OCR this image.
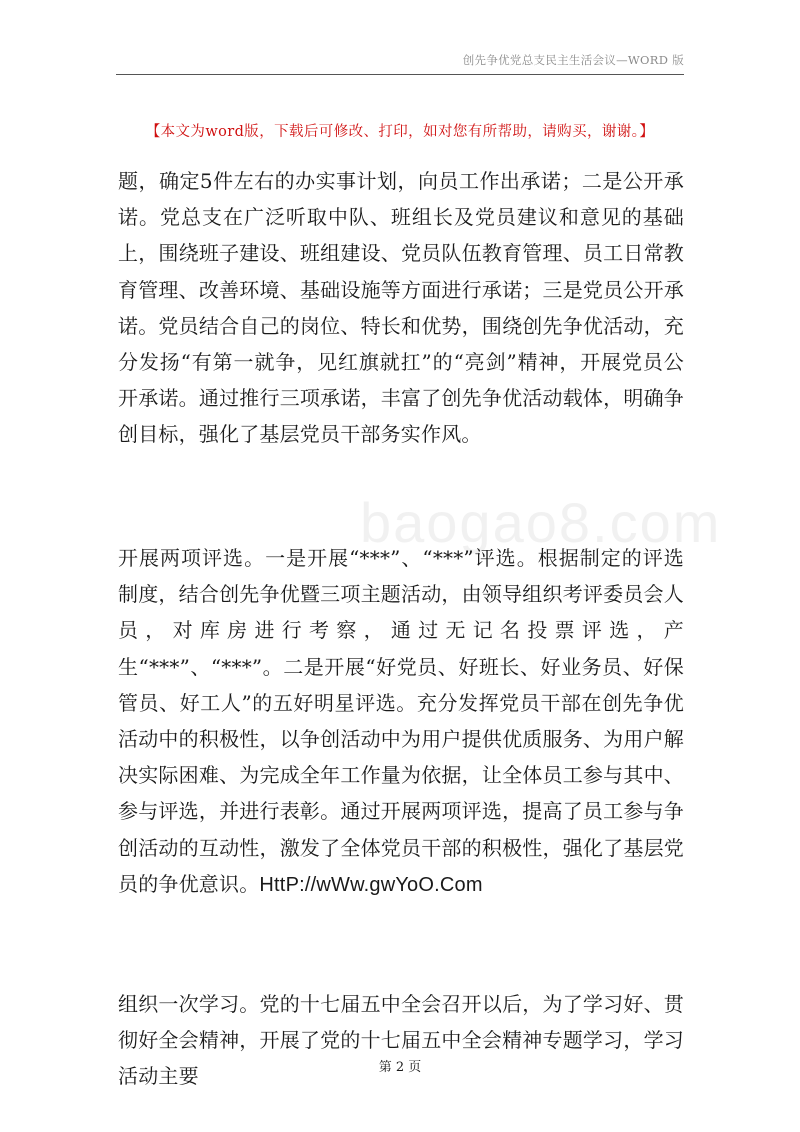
创先争优党总支民主生活会议—WORD 版
【本文为word版，下载后可修改、打印，如对您有所帮助，请购买，谢谢。】
baogao8.com

题，确定5件左右的办实事计划，向员工作出承诺；二是公开承诺。党总支在广泛听取中队、班组长及党员建议和意见的基础上，围绕班子建设、班组建设、党员队伍教育管理、员工日常教育管理、改善环境、基础设施等方面进行承诺；三是党员公开承诺。党员结合自己的岗位、特长和优势，围绕创先争优活动，充分发扬“有第一就争，见红旗就扛”的“亮剑”精神，开展党员公开承诺。通过推行三项承诺，丰富了创先争优活动载体，明确争创目标，强化了基层党员干部务实作风。

开展两项评选。一是开展“***”、“***”评选。根据制定的评选制度，结合创先争优暨三项主题活动，由领导组织考评委员会人员，对库房进行考察，通过无记名投票评选，产生“***”、“***”。二是开展“好党员、好班长、好业务员、好保管员、好工人”的五好明星评选。充分发挥党员干部在创先争优活动中的积极性，以争创活动中为用户提供优质服务、为用户解决实际困难、为完成全年工作量为依据，让全体员工参与其中、参与评选，并进行表彰。通过开展两项评选，提高了员工参与争创活动的互动性，激发了全体党员干部的积极性，强化了基层党员的争优意识。HttP://wWw.gwYoO.Com

组织一次学习。党的十七届五中全会召开以后，为了学习好、贯彻好全会精神，开展了党的十七届五中全会精神专题学习，学习活动主要	第 2 页
